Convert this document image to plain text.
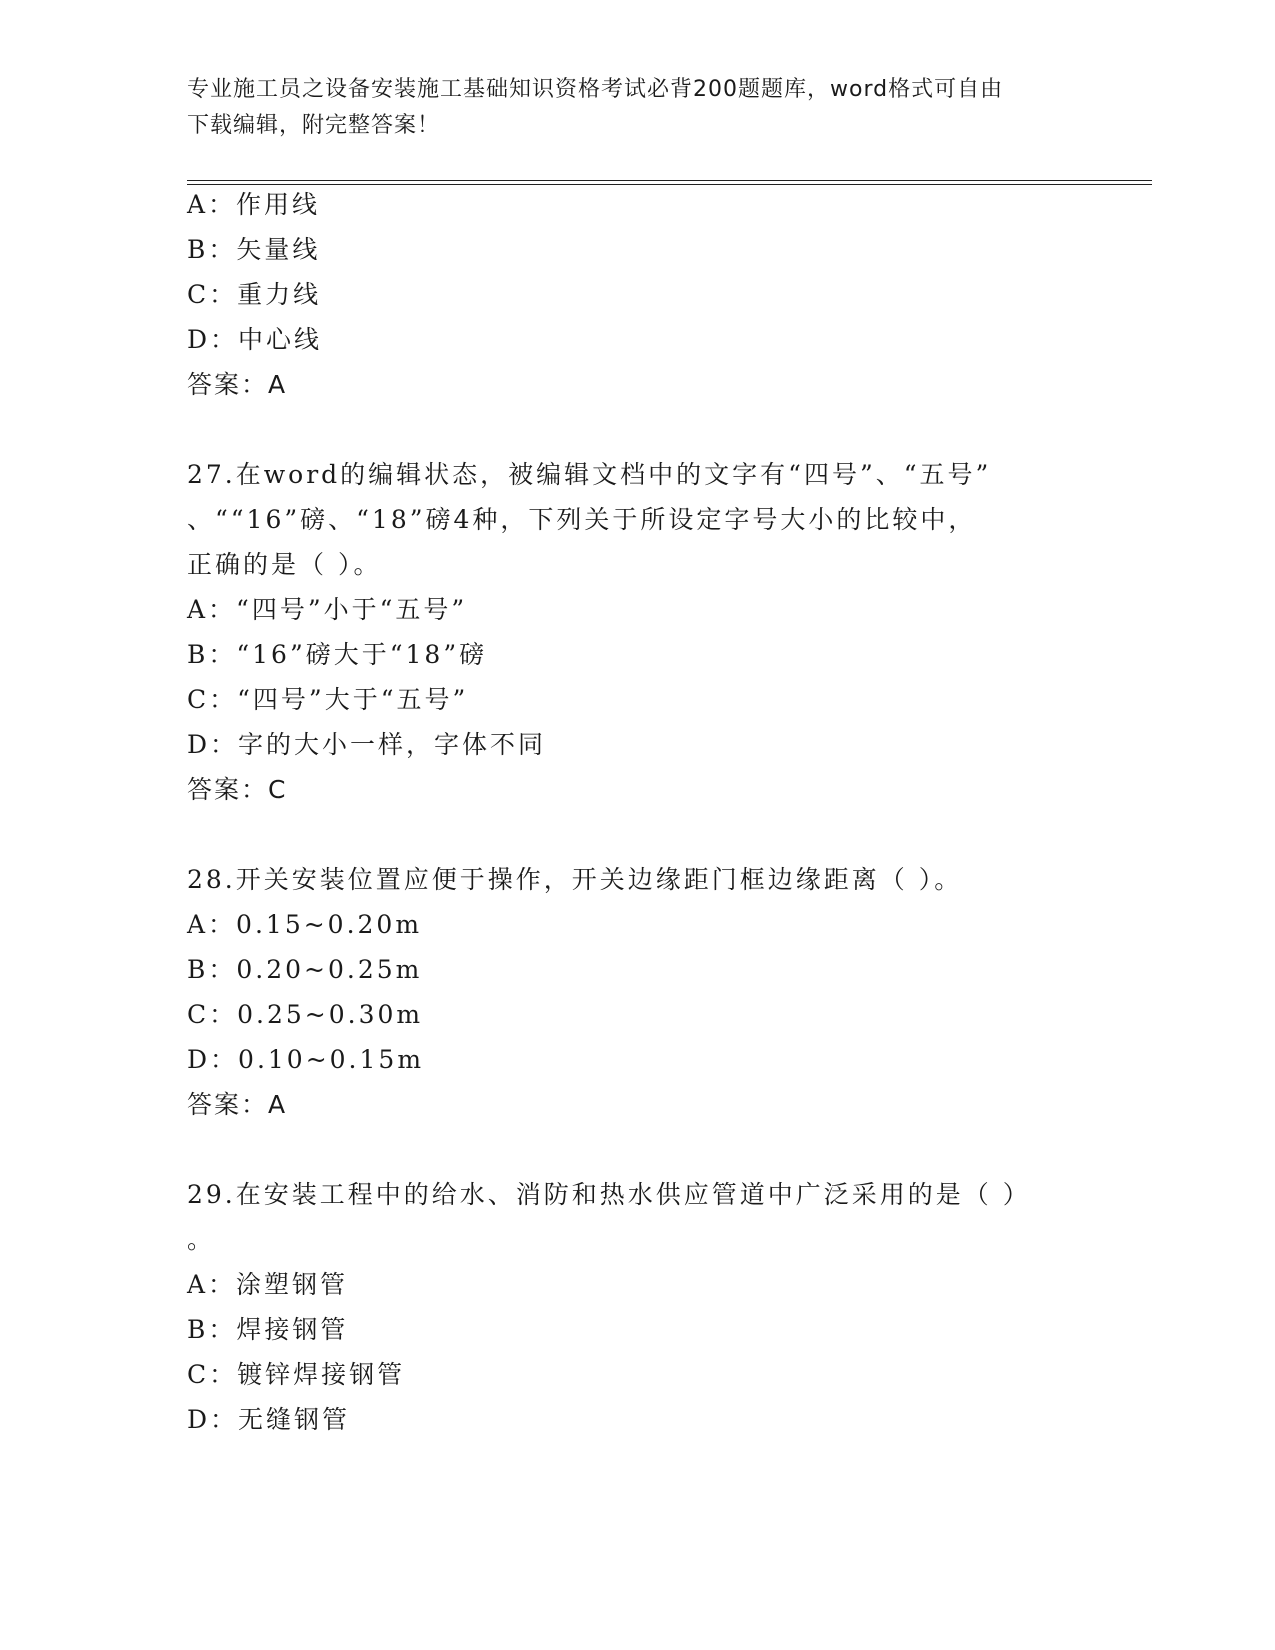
专业施工员之设备安装施工基础知识资格考试必背200题题库，word格式可自由
下载编辑，附完整答案！
A：作用线
B：矢量线
C：重力线
D：中心线
答案：A
27.在word的编辑状态，被编辑文档中的文字有“四号”、“五号”
、““16”磅、“18”磅4种，下列关于所设定字号大小的比较中，
正确的是（ ）。
A：“四号”小于“五号”
B：“16”磅大于“18”磅
C：“四号”大于“五号”
D：字的大小一样，字体不同
答案：C
28.开关安装位置应便于操作，开关边缘距门框边缘距离（ ）。
A：0.15~0.20m
B：0.20~0.25m
C：0.25~0.30m
D：0.10~0.15m
答案：A
29.在安装工程中的给水、消防和热水供应管道中广泛采用的是（ ）
。
A：涂塑钢管
B：焊接钢管
C：镀锌焊接钢管
D：无缝钢管
